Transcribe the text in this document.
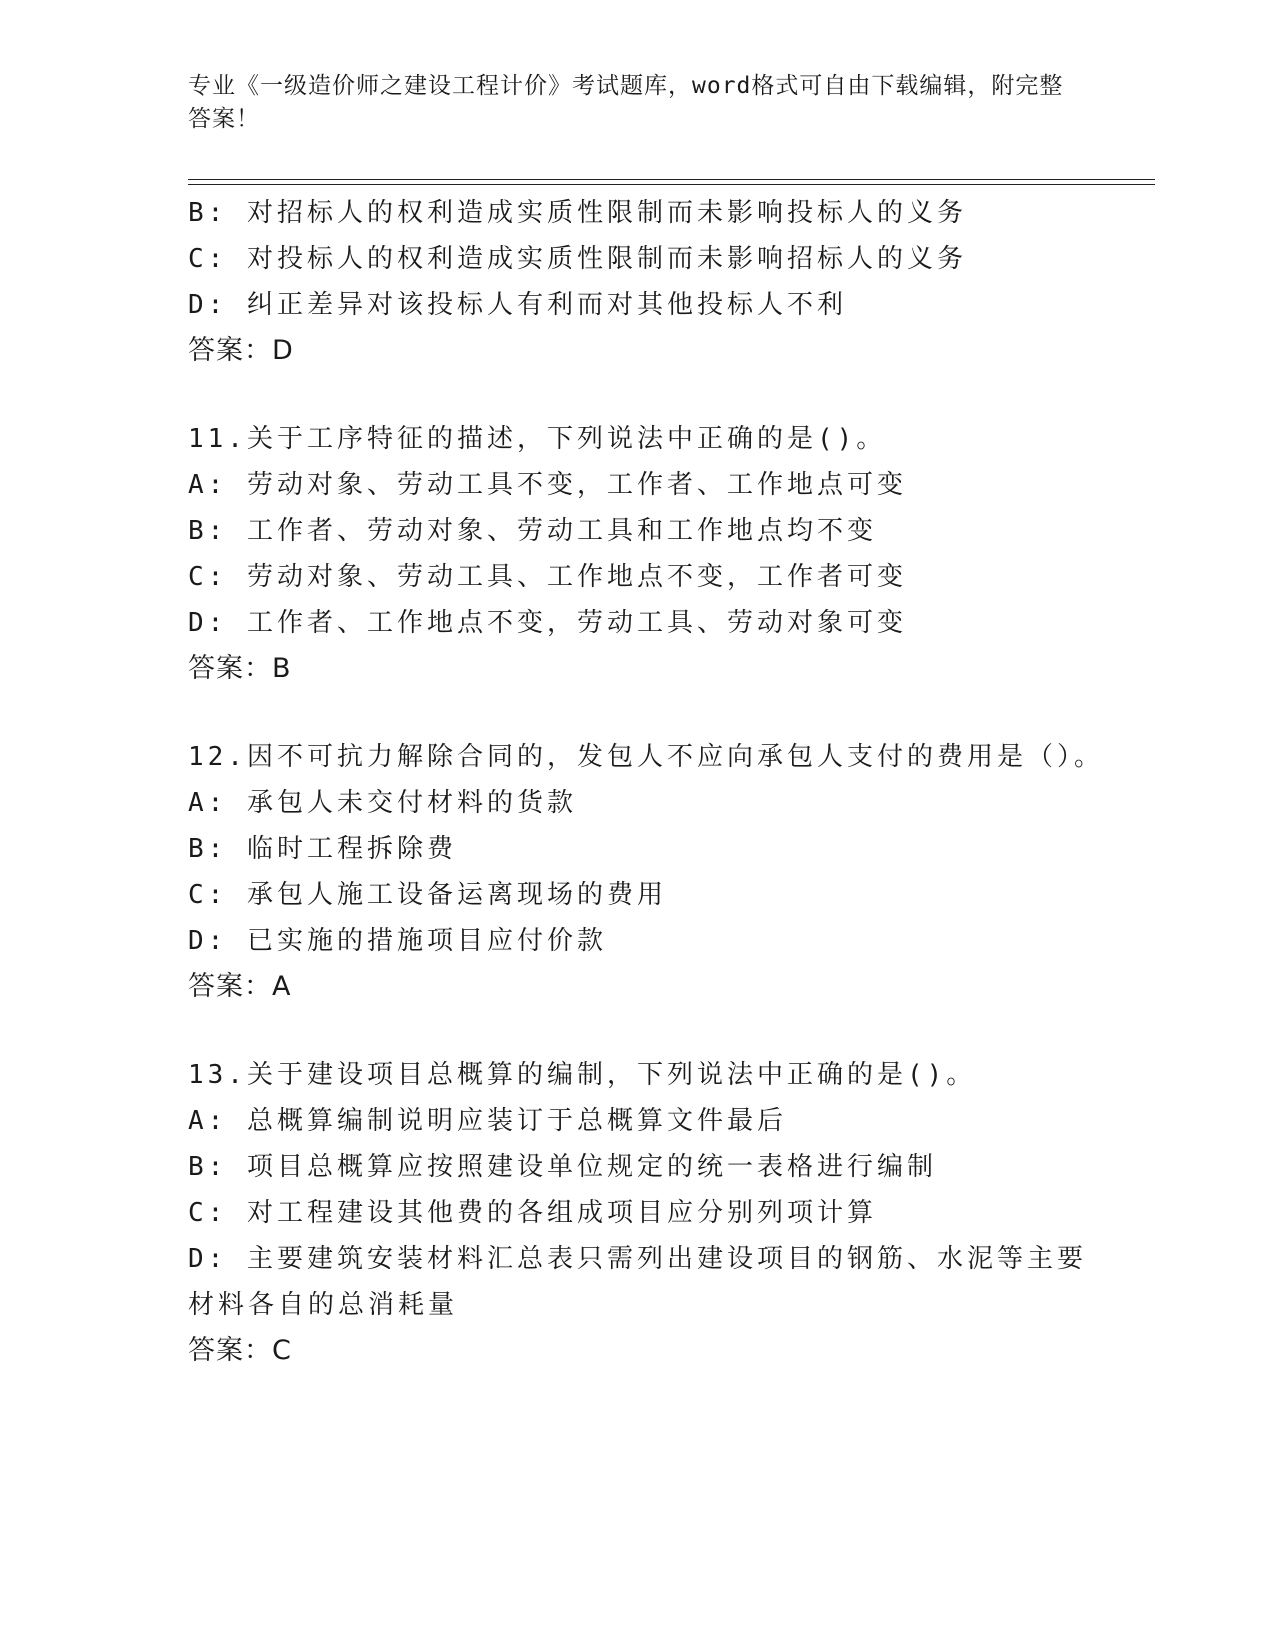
专业《一级造价师之建设工程计价》考试题库，word格式可自由下载编辑，附完整答案！
B: 对招标人的权利造成实质性限制而未影响投标人的义务
C: 对投标人的权利造成实质性限制而未影响招标人的义务
D: 纠正差异对该投标人有利而对其他投标人不利
答案：D
11.关于工序特征的描述，下列说法中正确的是()。
A: 劳动对象、劳动工具不变，工作者、工作地点可变
B: 工作者、劳动对象、劳动工具和工作地点均不变
C: 劳动对象、劳动工具、工作地点不变，工作者可变
D: 工作者、工作地点不变，劳动工具、劳动对象可变
答案：B
12.因不可抗力解除合同的，发包人不应向承包人支付的费用是（）。
A: 承包人未交付材料的货款
B: 临时工程拆除费
C: 承包人施工设备运离现场的费用
D: 已实施的措施项目应付价款
答案：A
13.关于建设项目总概算的编制，下列说法中正确的是()。
A: 总概算编制说明应装订于总概算文件最后
B: 项目总概算应按照建设单位规定的统一表格进行编制
C: 对工程建设其他费的各组成项目应分别列项计算
D: 主要建筑安装材料汇总表只需列出建设项目的钢筋、水泥等主要材料各自的总消耗量
答案：C
